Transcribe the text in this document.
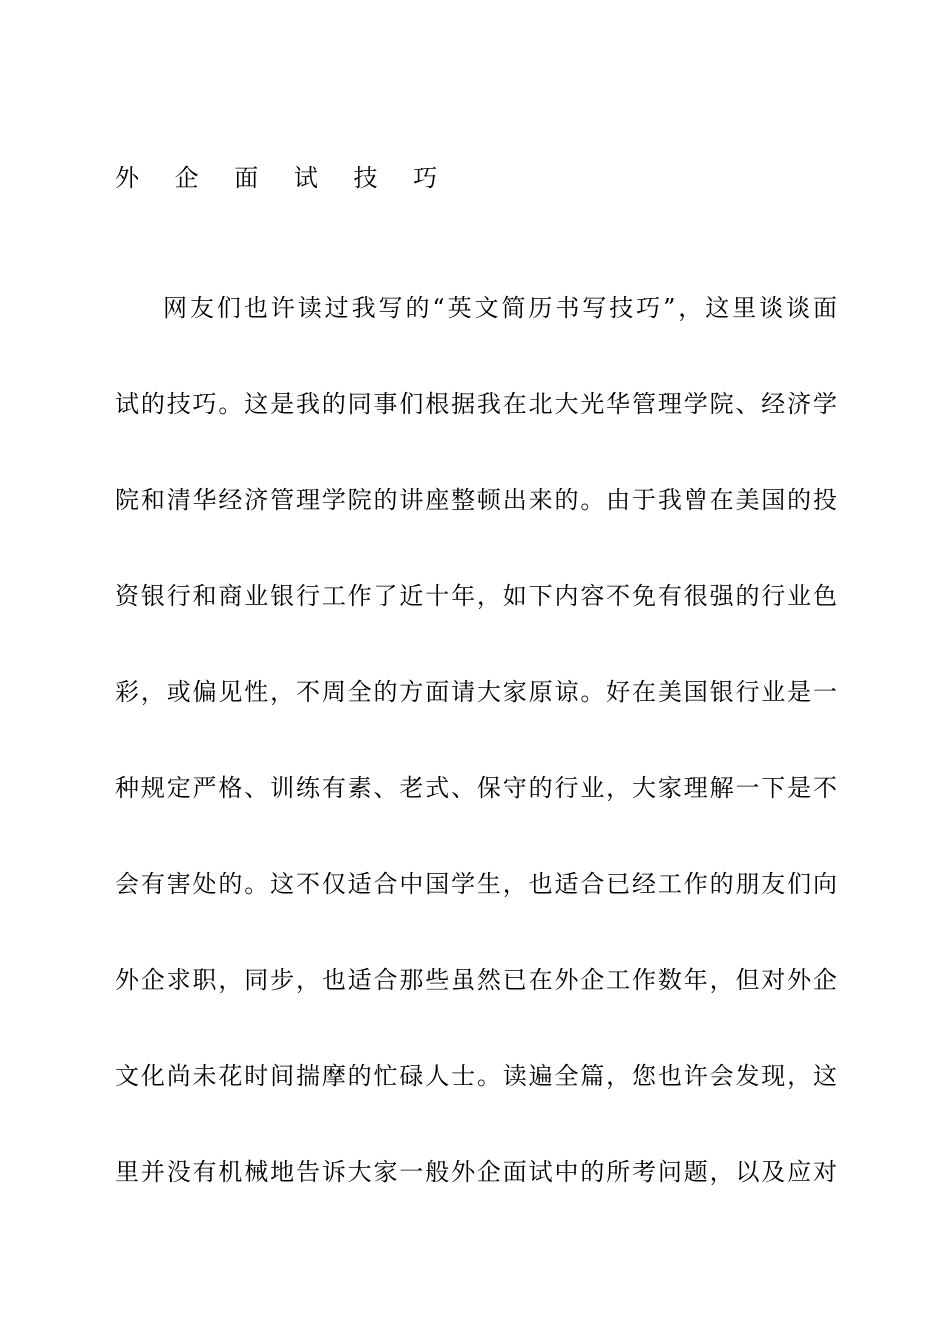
外 企 面 试 技 巧
网友们也许读过我写的“英文简历书写技巧”，这里谈谈面
试的技巧。这是我的同事们根据我在北大光华管理学院、经济学
院和清华经济管理学院的讲座整顿出来的。由于我曾在美国的投
资银行和商业银行工作了近十年，如下内容不免有很强的行业色
彩，或偏见性，不周全的方面请大家原谅。好在美国银行业是一
种规定严格、训练有素、老式、保守的行业，大家理解一下是不
会有害处的。这不仅适合中国学生，也适合已经工作的朋友们向
外企求职，同步，也适合那些虽然已在外企工作数年，但对外企
文化尚未花时间揣摩的忙碌人士。读遍全篇，您也许会发现，这
里并没有机械地告诉大家一般外企面试中的所考问题，以及应对
